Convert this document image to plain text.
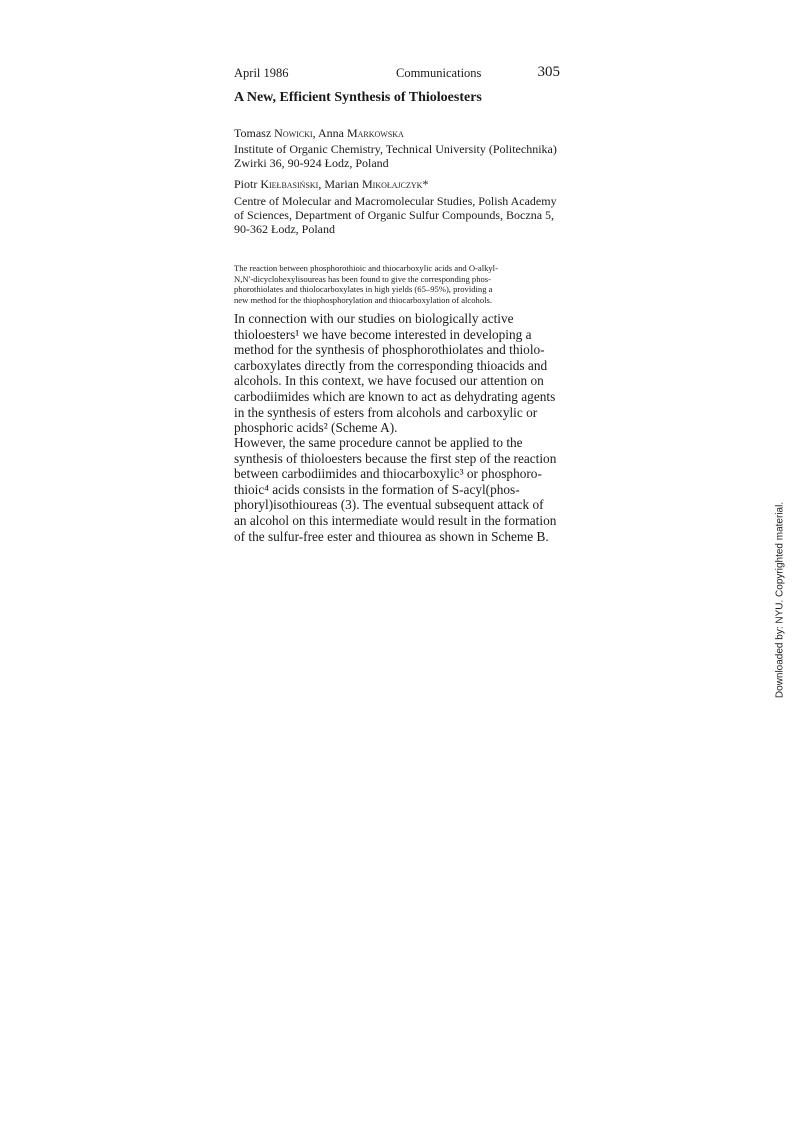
April 1986	Communications	305
A New, Efficient Synthesis of Thioloesters
Tomasz Nowicki, Anna Markowska
Institute of Organic Chemistry, Technical University (Politechnika)
Zwirki 36, 90-924 Łodz, Poland
Piotr Kiełbasiński, Marian Mikołajczyk*
Centre of Molecular and Macromolecular Studies, Polish Academy
of Sciences, Department of Organic Sulfur Compounds, Boczna 5,
90-362 Łodz, Poland
The reaction between phosphorothioic and thiocarboxylic acids and O-alkyl-
N,N′-dicyclohexylisoureas has been found to give the corresponding phos-
phorothiolates and thiolocarboxylates in high yields (65–95%), providing a
new method for the thiophosphorylation and thiocarboxylation of alcohols.
In connection with our studies on biologically active
thioloesters¹ we have become interested in developing a
method for the synthesis of phosphorothiolates and thiolo-
carboxylates directly from the corresponding thioacids and
alcohols. In this context, we have focused our attention on
carbodiimides which are known to act as dehydrating agents
in the synthesis of esters from alcohols and carboxylic or
phosphoric acids² (Scheme A).
However, the same procedure cannot be applied to the
synthesis of thioloesters because the first step of the reaction
between carbodiimides and thiocarboxylic³ or phosphoro-
thioic⁴ acids consists in the formation of S-acyl(phos-
phoryl)isothioureas (3). The eventual subsequent attack of
an alcohol on this intermediate would result in the formation
of the sulfur-free ester and thiourea as shown in Scheme B.	Downloaded by: NYU. Copyrighted material.
